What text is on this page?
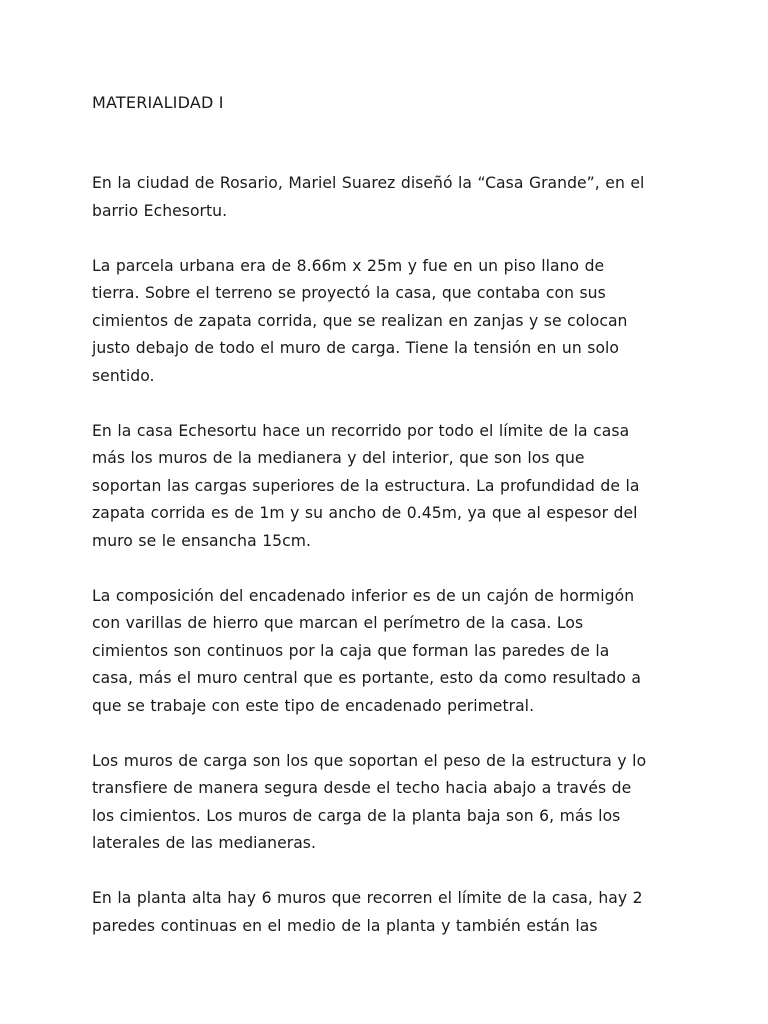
MATERIALIDAD I

En la ciudad de Rosario, Mariel Suarez diseñó la “Casa Grande”, en el
barrio Echesortu.

La parcela urbana era de 8.66m x 25m y fue en un piso llano de
tierra. Sobre el terreno se proyectó la casa, que contaba con sus
cimientos de zapata corrida, que se realizan en zanjas y se colocan
justo debajo de todo el muro de carga. Tiene la tensión en un solo
sentido.

En la casa Echesortu hace un recorrido por todo el límite de la casa
más los muros de la medianera y del interior, que son los que
soportan las cargas superiores de la estructura. La profundidad de la
zapata corrida es de 1m y su ancho de 0.45m, ya que al espesor del
muro se le ensancha 15cm.

La composición del encadenado inferior es de un cajón de hormigón
con varillas de hierro que marcan el perímetro de la casa. Los
cimientos son continuos por la caja que forman las paredes de la
casa, más el muro central que es portante, esto da como resultado a
que se trabaje con este tipo de encadenado perimetral.

Los muros de carga son los que soportan el peso de la estructura y lo
transfiere de manera segura desde el techo hacia abajo a través de
los cimientos. Los muros de carga de la planta baja son 6, más los
laterales de las medianeras.

En la planta alta hay 6 muros que recorren el límite de la casa, hay 2
paredes continuas en el medio de la planta y también están las
